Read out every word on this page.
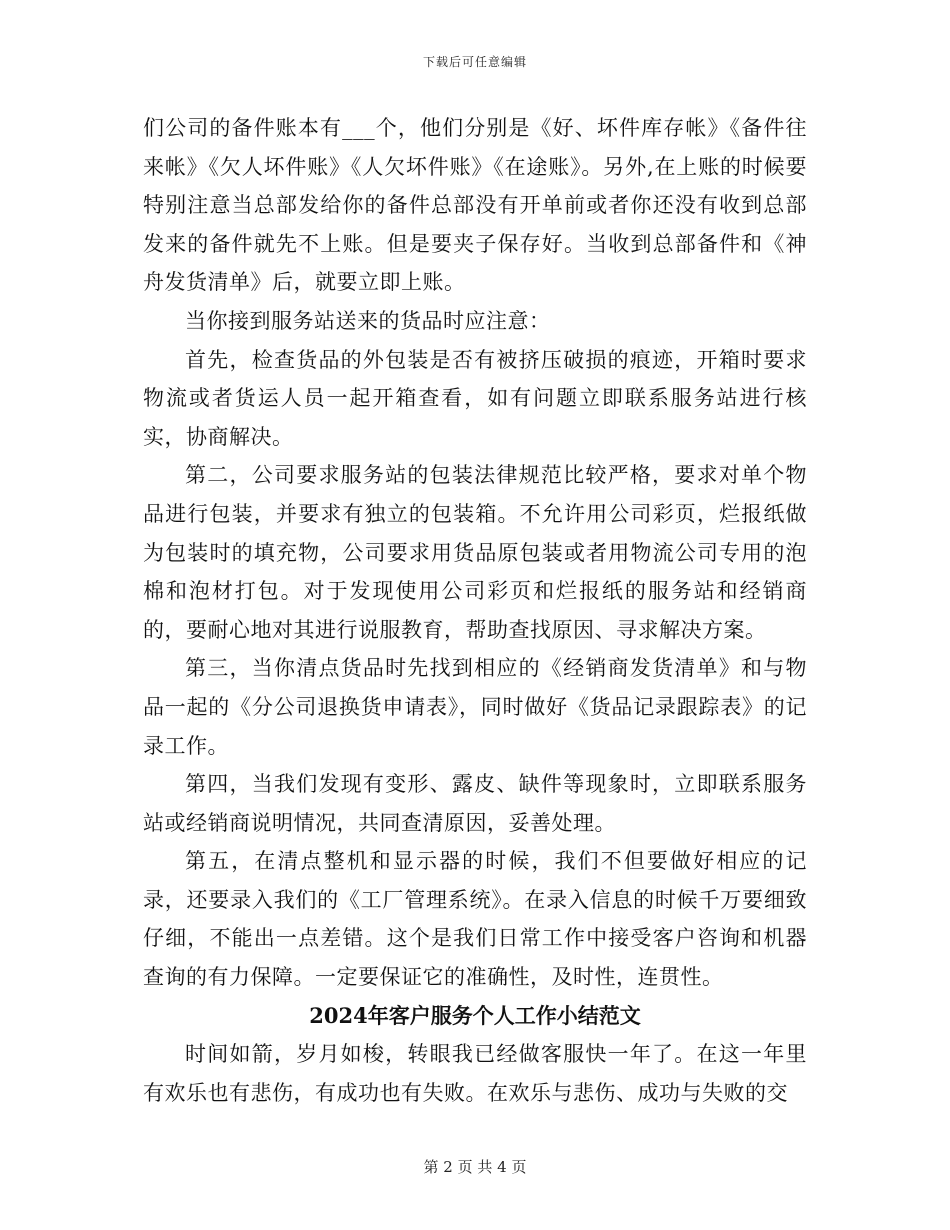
下载后可任意编辑

们公司的备件账本有___个，他们分别是《好、坏件库存帐》《备件往来帐》《欠人坏件账》《人欠坏件账》《在途账》。另外,在上账的时候要特别注意当总部发给你的备件总部没有开单前或者你还没有收到总部发来的备件就先不上账。但是要夹子保存好。当收到总部备件和《神舟发货清单》后，就要立即上账。

当你接到服务站送来的货品时应注意：

首先，检查货品的外包装是否有被挤压破损的痕迹，开箱时要求物流或者货运人员一起开箱查看，如有问题立即联系服务站进行核实，协商解决。

第二，公司要求服务站的包装法律规范比较严格，要求对单个物品进行包装，并要求有独立的包装箱。不允许用公司彩页，烂报纸做为包装时的填充物，公司要求用货品原包装或者用物流公司专用的泡棉和泡材打包。对于发现使用公司彩页和烂报纸的服务站和经销商的，要耐心地对其进行说服教育，帮助查找原因、寻求解决方案。

第三，当你清点货品时先找到相应的《经销商发货清单》和与物品一起的《分公司退换货申请表》，同时做好《货品记录跟踪表》的记录工作。

第四，当我们发现有变形、露皮、缺件等现象时，立即联系服务站或经销商说明情况，共同查清原因，妥善处理。

第五，在清点整机和显示器的时候，我们不但要做好相应的记录，还要录入我们的《工厂管理系统》。在录入信息的时候千万要细致仔细，不能出一点差错。这个是我们日常工作中接受客户咨询和机器查询的有力保障。一定要保证它的准确性，及时性，连贯性。

2024年客户服务个人工作小结范文

时间如箭，岁月如梭，转眼我已经做客服快一年了。在这一年里有欢乐也有悲伤，有成功也有失败。在欢乐与悲伤、成功与失败的交

第 2 页 共 4 页
